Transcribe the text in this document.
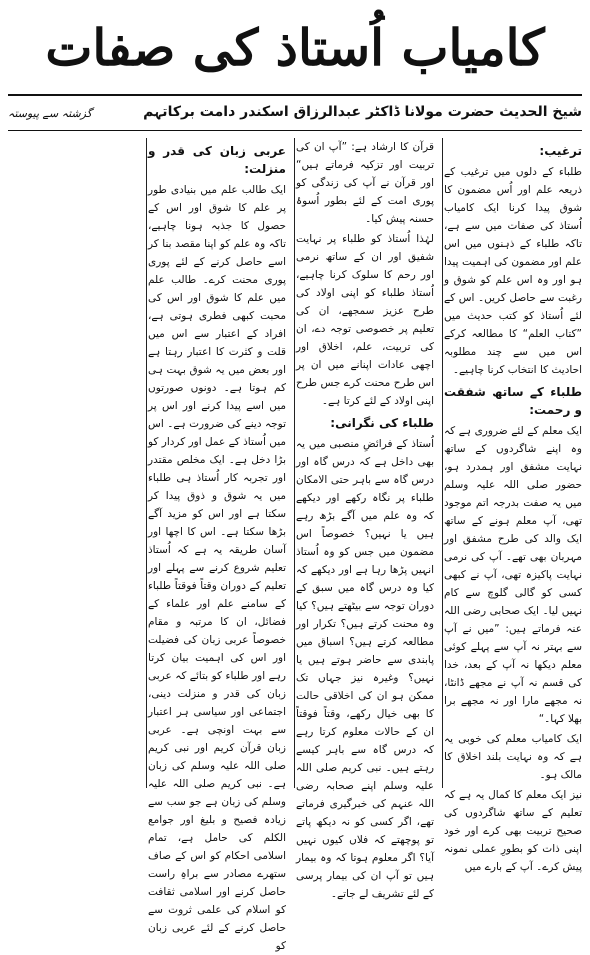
کامیاب اُستاذ کی صفات
شیخ الحدیث حضرت مولانا ڈاکٹر عبدالرزاق اسکندر دامت برکاتہم
گزشتہ سے پیوستہ
ترغیب:

طلباء کے دلوں میں ترغیب کے ذریعہ علم اور اُس مضمون کا شوق پیدا کرنا ایک کامیاب اُستاذ کی صفات میں سے ہے، تاکہ طلباء کے ذہنوں میں اس علم اور مضمون کی اہمیت پیدا ہو اور وہ اس علم کو شوق و رغبت سے حاصل کریں۔ اس کے لئے اُستاذ کو کتب حدیث میں ”کتاب العلم“ کا مطالعہ کرکے اس میں سے چند مطلوبہ احادیث کا انتخاب کرنا چاہیے۔

طلباء کے ساتھ شفقت و رحمت:

ایک معلم کے لئے ضروری ہے کہ وہ اپنے شاگردوں کے ساتھ نہایت مشفق اور ہمدرد ہو، حضور صلی اللہ علیہ وسلم میں یہ صفت بدرجہ اتم موجود تھی، آپ معلم ہونے کے ساتھ ایک والد کی طرح مشفق اور مہربان بھی تھے۔ آپ کی نرمی نہایت پاکیزہ تھی، آپ نے کبھی کسی کو گالی گلوچ سے کام نہیں لیا۔ ایک صحابی رضی اللہ عنہ فرماتے ہیں: ”میں نے آپ سے بہتر نہ آپ سے پہلے کوئی معلم دیکھا نہ آپ کے بعد، خدا کی قسم نہ آپ نے مجھے ڈانٹا، نہ مجھے مارا اور نہ مجھے برا بھلا کہا۔“

ایک کامیاب معلم کی خوبی یہ ہے کہ وہ نہایت بلند اخلاق کا مالک ہو۔

نیز ایک معلم کا کمال یہ ہے کہ تعلیم کے ساتھ شاگردوں کی صحیح تربیت بھی کرے اور خود اپنی ذات کو بطورِ عملی نمونہ پیش کرے۔ آپ کے بارے میں

قرآن کا ارشاد ہے: ”آپ ان کی تربیت اور تزکیہ فرماتے ہیں“ اور قرآن نے آپ کی زندگی کو پوری امت کے لئے بطور اُسوۂ حسنہ پیش کیا۔

لہٰذا اُستاذ کو طلباء پر نہایت شفیق اور ان کے ساتھ نرمی اور رحم کا سلوک کرنا چاہیے، اُستاذ طلباء کو اپنی اولاد کی طرح عزیز سمجھے، ان کی تعلیم پر خصوصی توجہ دے، ان کی تربیت، علم، اخلاق اور اچھی عادات اپنانے میں ان پر اس طرح محنت کرے جس طرح اپنی اولاد کے لئے کرتا ہے۔

طلباء کی نگرانی:

اُستاذ کے فرائضِ منصبی میں یہ بھی داخل ہے کہ درس گاہ اور درس گاہ سے باہر حتی الامکان طلباء پر نگاہ رکھے اور دیکھے کہ وہ علم میں آگے بڑھ رہے ہیں یا نہیں؟ خصوصاً اس مضمون میں جس کو وہ اُستاذ انہیں پڑھا رہا ہے اور دیکھے کہ کیا وہ درس گاہ میں سبق کے دوران توجہ سے بیٹھتے ہیں؟ کیا وہ محنت کرتے ہیں؟ تکرار اور مطالعہ کرتے ہیں؟ اسباق میں پابندی سے حاضر ہوتے ہیں یا نہیں؟ وغیرہ نیز جہاں تک ممکن ہو ان کی اخلاقی حالت کا بھی خیال رکھے، وقتاً فوقتاً ان کے حالات معلوم کرتا رہے کہ درس گاہ سے باہر کیسے رہتے ہیں۔ نبی کریم صلی اللہ علیہ وسلم اپنے صحابہ رضی اللہ عنہم کی خبرگیری فرماتے تھے، اگر کسی کو نہ دیکھ پاتے تو پوچھتے کہ فلاں کیوں نہیں آیا؟ اگر معلوم ہوتا کہ وہ بیمار ہیں تو آپ ان کی بیمار پرسی کے لئے تشریف لے جاتے۔

عربی زبان کی قدر و منزلت:

ایک طالب علم میں بنیادی طور پر علم کا شوق اور اس کے حصول کا جذبہ ہونا چاہیے، تاکہ وہ علم کو اپنا مقصد بنا کر اسے حاصل کرنے کے لئے پوری پوری محنت کرے۔ طالب علم میں علم کا شوق اور اس کی محبت کبھی فطری ہوتی ہے، افراد کے اعتبار سے اس میں قلت و کثرت کا اعتبار رہتا ہے اور بعض میں یہ شوق بہت ہی کم ہوتا ہے۔ دونوں صورتوں میں اسے پیدا کرنے اور اس پر توجہ دینے کی ضرورت ہے۔ اس میں اُستاذ کے عمل اور کردار کو بڑا دخل ہے۔ ایک مخلص مقتدر اور تجربہ کار اُستاذ ہی طلباء میں یہ شوق و ذوق پیدا کر سکتا ہے اور اس کو مزید آگے بڑھا سکتا ہے۔ اس کا اچھا اور آسان طریقہ یہ ہے کہ اُستاذ تعلیم شروع کرنے سے پہلے اور تعلیم کے دوران وقتاً فوقتاً طلباء کے سامنے علم اور علماء کے فضائل، ان کا مرتبہ و مقام خصوصاً عربی زبان کی فضیلت اور اس کی اہمیت بیان کرتا رہے اور طلباء کو بتائے کہ عربی زبان کی قدر و منزلت دینی، اجتماعی اور سیاسی ہر اعتبار سے بہت اونچی ہے۔ عربی زبان قرآن کریم اور نبی کریم صلی اللہ علیہ وسلم کی زبان ہے۔ نبی کریم صلی اللہ علیہ وسلم کی زبان ہے جو سب سے زیادہ فصیح و بلیغ اور جوامع الکلم کی حامل ہے، تمام اسلامی احکام کو اس کے صاف ستھرے مصادر سے براہِ راست حاصل کرنے اور اسلامی ثقافت کو اسلام کی علمی ثروت سے حاصل کرنے کے لئے عربی زبان کو
